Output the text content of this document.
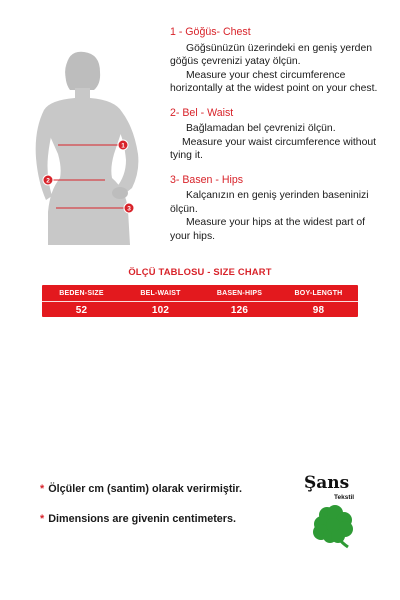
1
2
3
1 - Göğüs- Chest
Göğsünüzün üzerindeki en geniş yerden
göğüs çevrenizi yatay ölçün.
Measure your chest circumference
horizontally at the widest point on your chest.
2- Bel - Waist
Bağlamadan bel çevrenizi ölçün.
Measure your waist circumference without
tying it.
3- Basen - Hips
Kalçanızın en geniş yerinden baseninizi
ölçün.
Measure your hips at the widest part of
your hips.
ÖLÇÜ TABLOSU - SIZE CHART
BEDEN-SIZE	BEL-WAIST	BASEN-HIPS	BOY-LENGTH
52	102	126	98
* Ölçüler cm (santim) olarak verirmiştir.
* Dimensions are givenin centimeters.
Şans
Tekstil
